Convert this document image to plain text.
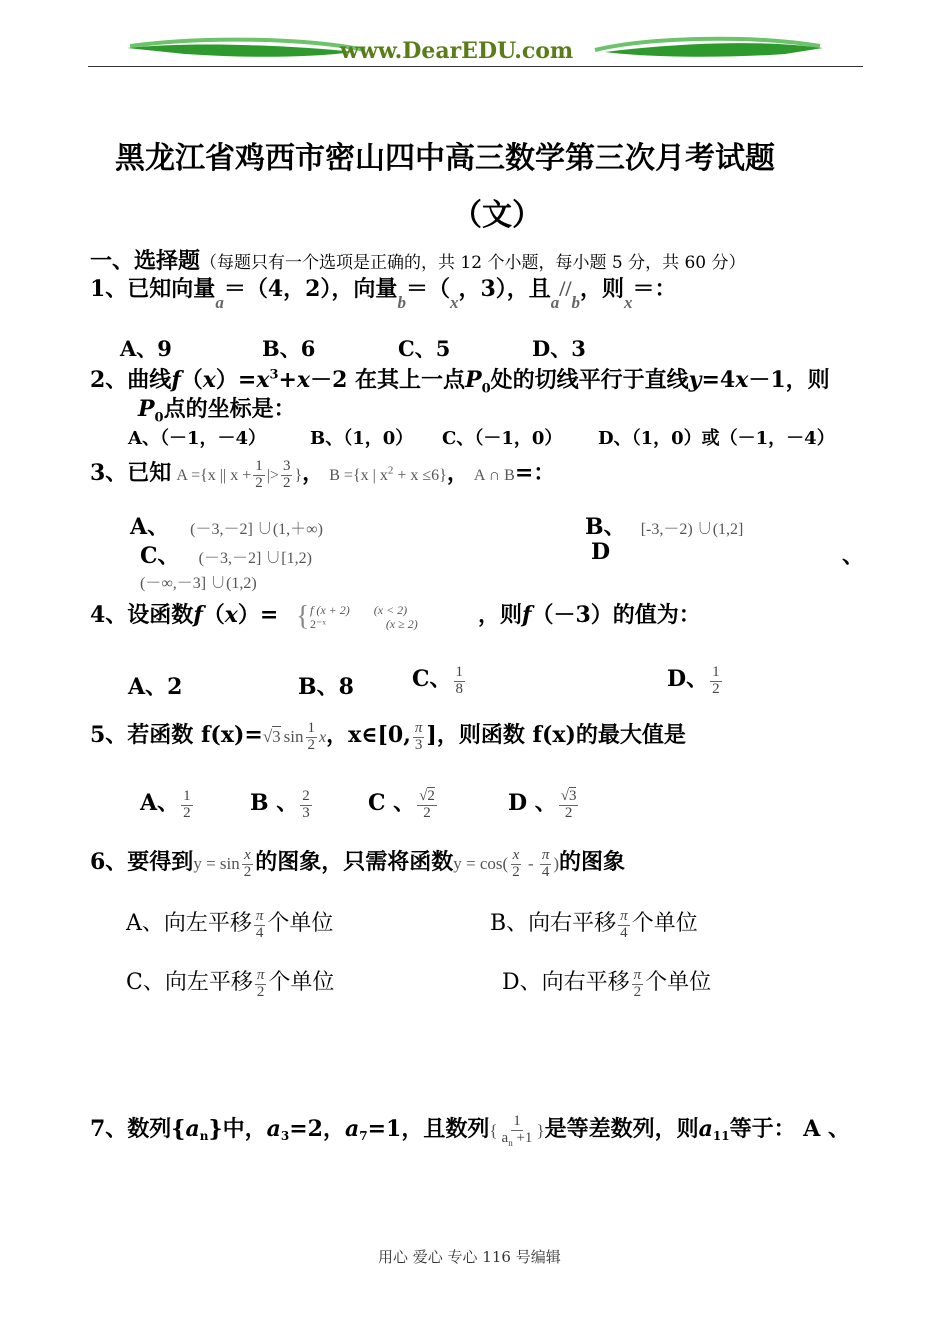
www.DearEDU.com
黑龙江省鸡西市密山四中高三数学第三次月考试题
（文）
一、选择题（每题只有一个选项是正确的，共 12 个小题，每小题 5 分，共 60 分）
1、已知向量$_a$＝（4，2），向量$_b=(_x$，3），且$_a//_b$，则$_x$＝：
A、9	B、6	C、5	D、3
2、曲线$f(x)=x^3+x-2$ 在其上一点$P_0$处的切线平行于直线y=4x－1，则
$P_0$点的坐标是：
A、（－1，－4） B、（1，0） C、（－1，0） D、（1，0）或（－1，－4）
3、已知 A ={x || $x + \frac{1}{2}$ |> $\frac{3}{2}$ }， B ={x | $x^2 + x \le 6$}， A ∩ B=：
A、 (－3,－2] ∪(1,＋∞)	B、 [-3,－2) ∪(1,2]
C、 (－3,－2] ∪[1,2)	D	、
(－∞,－3] ∪(1,2)
4、设函数f（x）= { f (x + 2) (x < 2)
2⁻ˣ	(x ≥ 2)	，则f（－3）的值为：
A、2	B、8	C、 $\frac{1}{8}$	D、 $\frac{1}{2}$
5、若函数 f(x)=√3 $\sin \frac{1}{2}$ x，x∈[0, $\frac{\pi}{3}$ ]，则函数 f(x)的最大值是
A、 $\frac{1}{2}$	B 、 $\frac{2}{3}$	C 、 $\frac{√2}{2}$	D 、 $\frac{√3}{2}$
6、要得到$y = \sin \frac{x}{2}$ 的图象，只需将函数$y = \cos( \frac{x}{2} - \frac{\pi}{4}$ )的图象
A、向左平移 $\frac{\pi}{4}$ 个单位	B、向右平移 $\frac{\pi}{4}$ 个单位
C、向左平移 $\frac{\pi}{2}$ 个单位	D、向右平移 $\frac{\pi}{2}$ 个单位
7、数列$\{a_n\}$中，$a_3=2$，$a_7=1$，且数列{ $\frac{1}{a_n +1}$ }是等差数列，则$a_{11}$等于： A 、
用心 爱心 专心 116 号编辑
